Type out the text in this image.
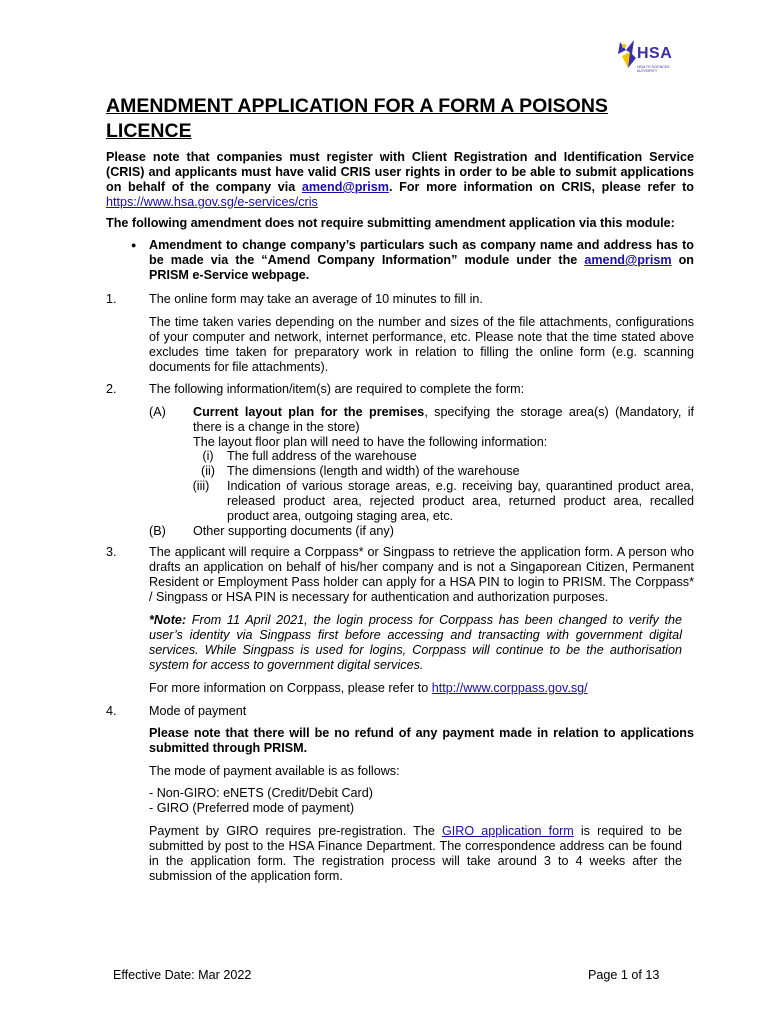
HSA
HEALTH SCIENCES AUTHORITY
AMENDMENT APPLICATION FOR A FORM A POISONS LICENCE
Please note that companies must register with Client Registration and Identification Service (CRIS) and applicants must have valid CRIS user rights in order to be able to submit applications on behalf of the company via amend@prism. For more information on CRIS, please refer to https://www.hsa.gov.sg/e-services/cris
The following amendment does not require submitting amendment application via this module:
● Amendment to change company’s particulars such as company name and address has to be made via the “Amend Company Information” module under the amend@prism on PRISM e-Service webpage.
1.	The online form may take an average of 10 minutes to fill in.
The time taken varies depending on the number and sizes of the file attachments, configurations of your computer and network, internet performance, etc. Please note that the time stated above excludes time taken for preparatory work in relation to filling the online form (e.g. scanning documents for file attachments).
2.	The following information/item(s) are required to complete the form:
(A)	Current layout plan for the premises, specifying the storage area(s) (Mandatory, if there is a change in the store)
The layout floor plan will need to have the following information:
(i)	The full address of the warehouse
(ii) The dimensions (length and width) of the warehouse
(iii)	Indication of various storage areas, e.g. receiving bay, quarantined product area, released product area, rejected product area, returned product area, recalled product area, outgoing staging area, etc.
(B)	Other supporting documents (if any)
3.	The applicant will require a Corppass* or Singpass to retrieve the application form. A person who drafts an application on behalf of his/her company and is not a Singaporean Citizen, Permanent Resident or Employment Pass holder can apply for a HSA PIN to login to PRISM. The Corppass* / Singpass or HSA PIN is necessary for authentication and authorization purposes.
*Note: From 11 April 2021, the login process for Corppass has been changed to verify the user’s identity via Singpass first before accessing and transacting with government digital services. While Singpass is used for logins, Corppass will continue to be the authorisation system for access to government digital services.
For more information on Corppass, please refer to http://www.corppass.gov.sg/
4.	Mode of payment
Please note that there will be no refund of any payment made in relation to applications submitted through PRISM.
The mode of payment available is as follows:
- Non-GIRO: eNETS (Credit/Debit Card)
- GIRO (Preferred mode of payment)
Payment by GIRO requires pre-registration. The GIRO application form is required to be submitted by post to the HSA Finance Department. The correspondence address can be found in the application form. The registration process will take around 3 to 4 weeks after the submission of the application form.
Effective Date: Mar 2022	Page 1 of 13
